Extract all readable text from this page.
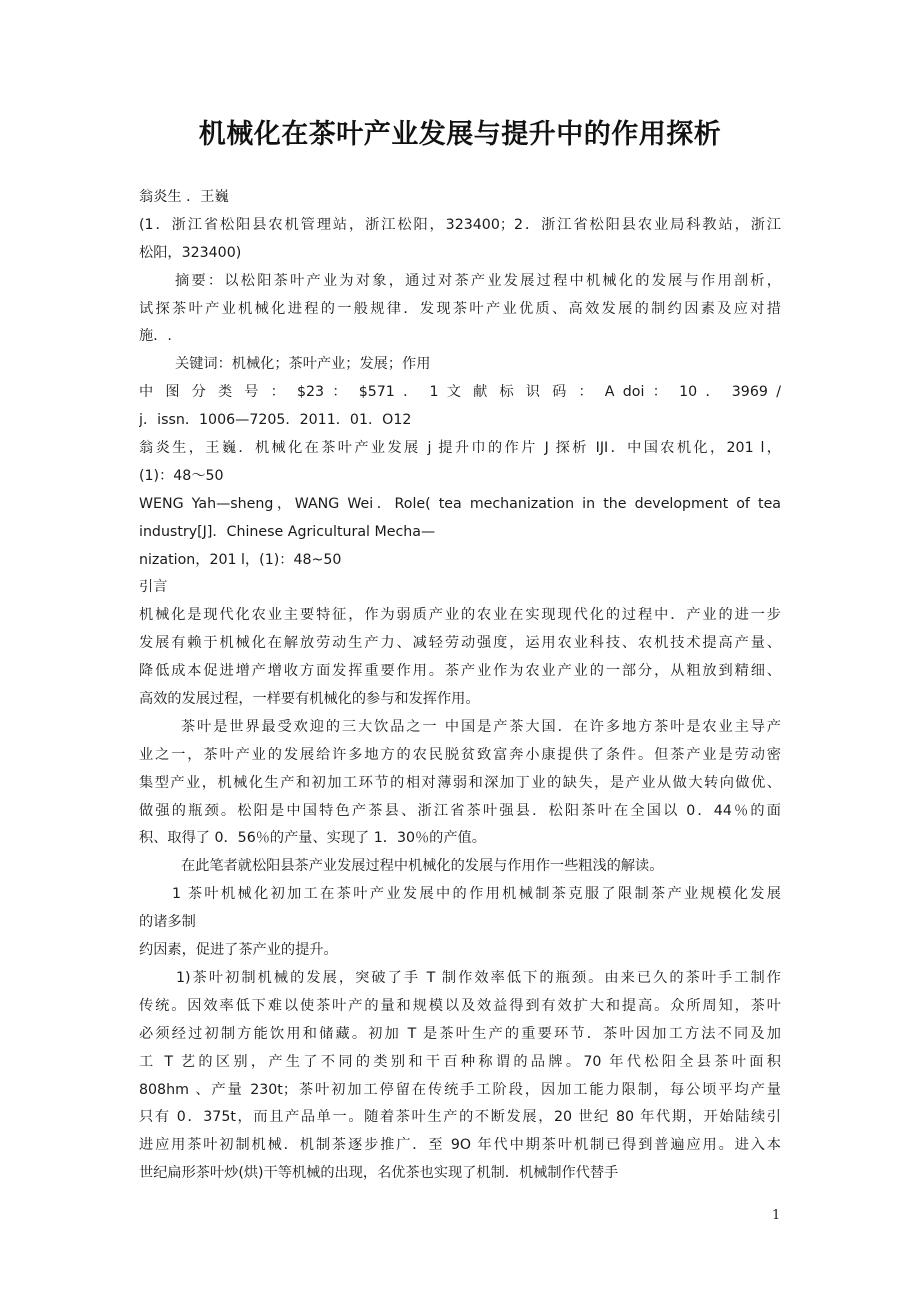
机械化在茶叶产业发展与提升中的作用探析
翁炎生 ．王巍
(1．浙江省松阳县农机管理站，浙江松阳，323400；2．浙江省松阳县农业局科教站，浙江
松阳，323400)
摘要：以松阳茶叶产业为对象，通过对茶产业发展过程中机械化的发展与作用剖析，
试探茶叶产业机械化进程的一般规律．发现茶叶产业优质、高效发展的制约因素及应对措
施．.
关键词：机械化；茶叶产业；发展；作用
中 图 分 类 号 ： $23 ： $571 ． 1 文 献 标 识 码 ： A doi ： 10 ． 3969 /
j．issn．1006—7205．2011．01．O12
翁炎生，王巍．机械化在茶叶产业发展 j 提升巾的作片 J 探析 IJI．中国农机化，201 l，
(1)：48～50
WENG Yah—sheng，WANG Wei．Role( tea mechanization in the development of tea
industry[J]．Chinese Agricultural Mecha—
nization，201 l，(1)：48~50
引言
机械化是现代化农业主要特征，作为弱质产业的农业在实现现代化的过程中．产业的进一步
发展有赖于机械化在解放劳动生产力、减轻劳动强度，运用农业科技、农机技术提高产量、
降低成本促进增产增收方面发挥重要作用。茶产业作为农业产业的一部分，从粗放到精细、
高效的发展过程，一样要有机械化的参与和发挥作用。
茶叶是世界最受欢迎的三大饮品之一 中国是产茶大国．在许多地方茶叶是农业主导产
业之一，茶叶产业的发展给许多地方的农民脱贫致富奔小康提供了条件。但茶产业是劳动密
集型产业，机械化生产和初加工环节的相对薄弱和深加丁业的缺失，是产业从做大转向做优、
做强的瓶颈。松阳是中国特色产茶县、浙江省茶叶强县．松阳茶叶在全国以 0．44％的面
积、取得了 0．56％的产量、实现了 1．30％的产值。
在此笔者就松阳县茶产业发展过程中机械化的发展与作用作一些粗浅的解读。
1 茶叶机械化初加工在茶叶产业发展中的作用机械制茶克服了限制茶产业规模化发展
的诸多制
约因素，促进了茶产业的提升。
1)茶叶初制机械的发展，突破了手 T 制作效率低下的瓶颈。由来已久的茶叶手工制作
传统。因效率低下难以使茶叶产的量和规模以及效益得到有效扩大和提高。众所周知，茶叶
必须经过初制方能饮用和储藏。初加 T 是茶叶生产的重要环节．茶叶因加工方法不同及加
工 T 艺的区别，产生了不同的类别和干百种称谓的品牌。70 年代松阳全县茶叶面积
808hm 、产量 230t；茶叶初加工停留在传统手工阶段，因加工能力限制，每公顷平均产量
只有 0．375t，而且产品单一。随着茶叶生产的不断发展，20 世纪 80 年代期，开始陆续引
进应用茶叶初制机械．机制茶逐步推广．至 9O 年代中期茶叶机制已得到普遍应用。进入本
世纪扁形茶叶炒(烘)干等机械的出现，名优茶也实现了机制．机械制作代替手
1
